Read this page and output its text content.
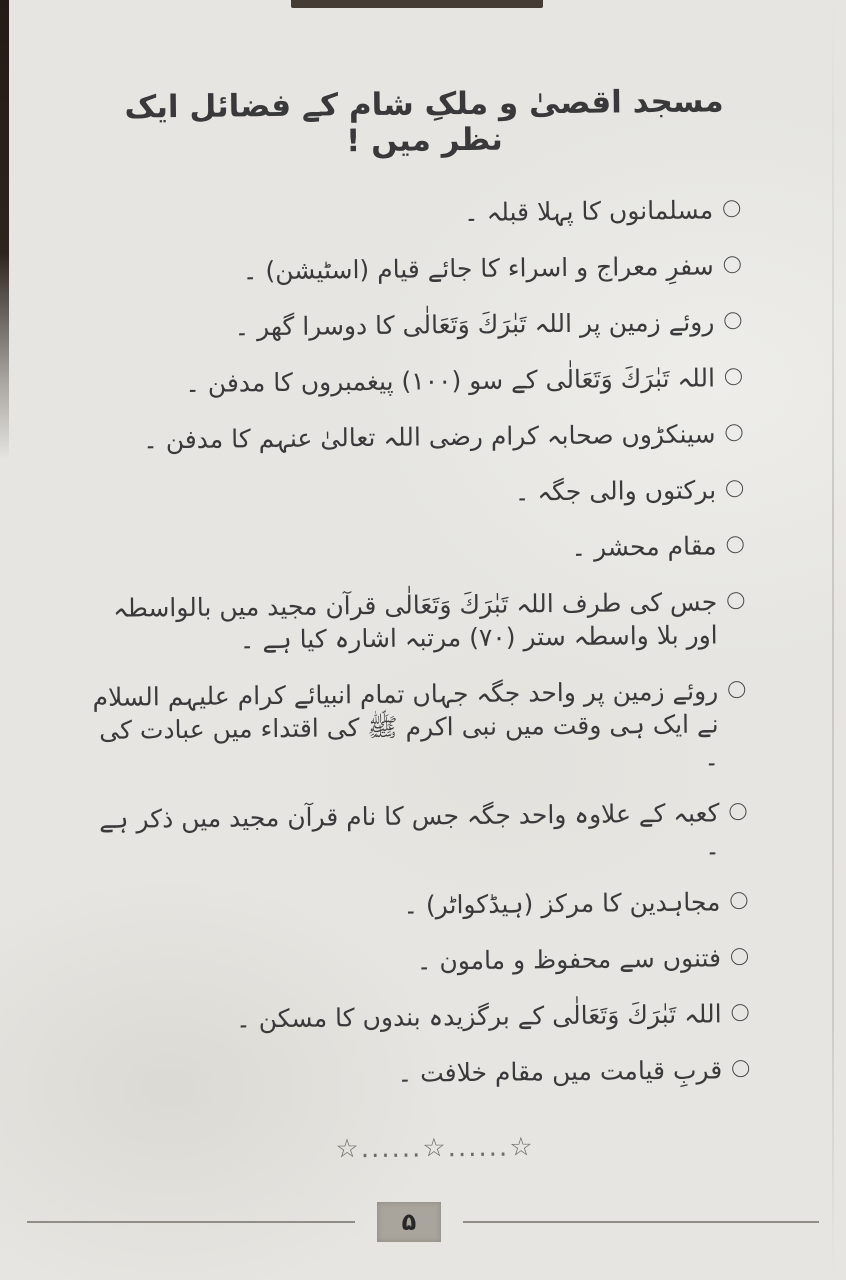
مسجد اقصیٰ و ملکِ شام کے فضائل ایک نظر میں !
مسلمانوں کا پہلا قبلہ ۔
سفرِ معراج و اسراء کا جائے قیام (اسٹیشن) ۔
روئے زمین پر اللہ تَبٰرَكَ وَتَعَالٰی کا دوسرا گھر ۔
اللہ تَبٰرَكَ وَتَعَالٰی کے سو (۱۰۰) پیغمبروں کا مدفن ۔
سینکڑوں صحابہ کرام رضی اللہ تعالیٰ عنہم کا مدفن ۔
برکتوں والی جگہ ۔
مقام محشر ۔
جس کی طرف اللہ تَبٰرَكَ وَتَعَالٰی قرآن مجید میں بالواسطہ اور بلا واسطہ ستر (۷۰) مرتبہ اشارہ کیا ہے ۔
روئے زمین پر واحد جگہ جہاں تمام انبیائے کرام علیہم السلام نے ایک ہی وقت میں نبی اکرم ﷺ کی اقتداء میں عبادت کی ۔
کعبہ کے علاوہ واحد جگہ جس کا نام قرآن مجید میں ذکر ہے ۔
مجاہدین کا مرکز (ہیڈکواٹر) ۔
فتنوں سے محفوظ و مامون ۔
اللہ تَبٰرَكَ وَتَعَالٰی کے برگزیدہ بندوں کا مسکن ۔
قربِ قیامت میں مقام خلافت ۔
☆......☆......☆
۵
